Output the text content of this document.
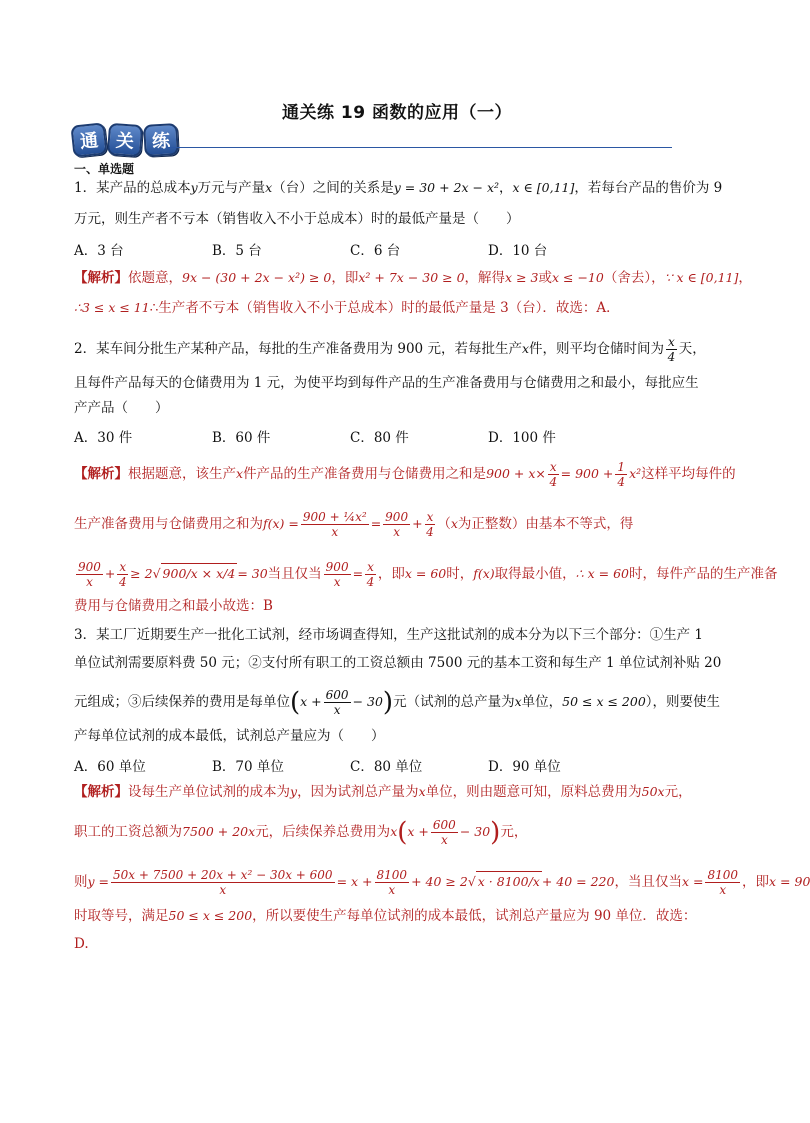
通关练 19 函数的应用（一）
通 关 练
一、单选题
1．某产品的总成本y万元与产量x（台）之间的关系是y = 30 + 2x − x²，x ∈ [0,11]，若每台产品的售价为 9
万元，则生产者不亏本（销售收入不小于总成本）时的最低产量是（　　）
A．3 台	B．5 台	C．6 台	D．10 台
【解析】依题意，9x − (30 + 2x − x²) ≥ 0，即x² + 7x − 30 ≥ 0，解得x ≥ 3或x ≤ −10（舍去），∵ x ∈ [0,11]，
∴3 ≤ x ≤ 11∴生产者不亏本（销售收入不小于总成本）时的最低产量是 3（台）．故选：A．
2．某车间分批生产某种产品，每批的生产准备费用为 900 元，若每批生产x件，则平均仓储时间为 $\frac{x}{4}$ 天，
且每件产品每天的仓储费用为 1 元，为使平均到每件产品的生产准备费用与仓储费用之和最小，每批应生
产产品（　　）
A．30 件	B．60 件	C．80 件	D．100 件
【解析】根据题意，该生产x件产品的生产准备费用与仓储费用之和是$900 + x\times \frac{x}{4} = 900 + \frac{1}{4} x^2$这样平均每件的
生产准备费用与仓储费用之和为$f(x) = \frac{\text{900 + ¼x²}}{x} = \frac{900}{x} + \frac{x}{4} (x$为正整数）由基本不等式，得
$\frac{900}{x} + \frac{x}{4} \ge 2√$ 900/x × x/4 = 30当且仅当 $\frac{900}{x} = \frac{x}{4}$ ，即x = 60时，f(x)取得最小值，∴ x = 60时，每件产品的生产准备
费用与仓储费用之和最小故选：B
3．某工厂近期要生产一批化工试剂，经市场调查得知，生产这批试剂的成本分为以下三个部分：①生产 1
单位试剂需要原料费 50 元；②支付所有职工的工资总额由 7500 元的基本工资和每生产 1 单位试剂补贴 20
元组成；③后续保养的费用是每单位$(x + \frac{600}{x} - 30)$元（试剂的总产量为x单位，50 ≤ x ≤ 200），则要使生
产每单位试剂的成本最低，试剂总产量应为（　　）
A．60 单位	B．70 单位	C．80 单位	D．90 单位
【解析】设每生产单位试剂的成本为y，因为试剂总产量为x单位，则由题意可知，原料总费用为50x元，
职工的工资总额为7500 + 20x元，后续保养总费用为$x(x + \frac{600}{x} - 30)$元，
则$y = \frac{\text{50x + 7500 + 20x + x² − 30x + 600}}{x} = x + \frac{8100}{x} + 40 \ge 2√$ x · 8100/x + 40 = 220，当且仅当$x = \frac{8100}{x}$ ，即x = 90
时取等号，满足50 ≤ x ≤ 200，所以要使生产每单位试剂的成本最低，试剂总产量应为 90 单位．故选：
D.
